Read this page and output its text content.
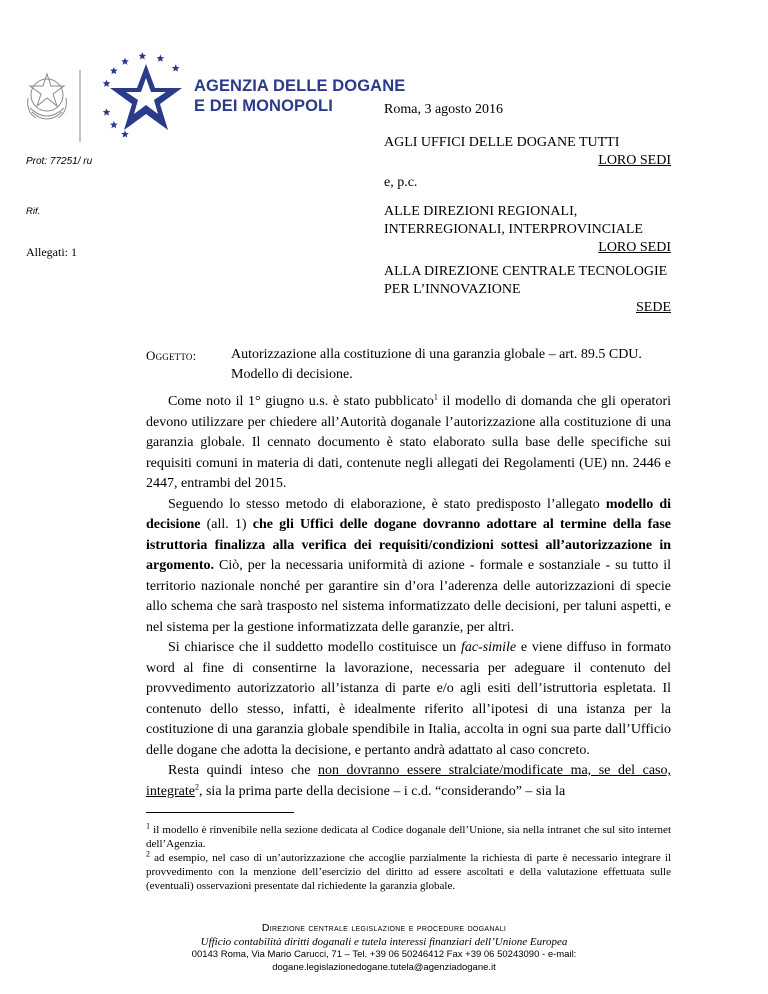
AGENZIA DELLE DOGANE
E DEI MONOPOLI	Roma, 3 agosto 2016
AGLI UFFICI DELLE DOGANE TUTTI
LORO SEDI
e, p.c.
ALLE DIREZIONI REGIONALI,
INTERREGIONALI, INTERPROVINCIALE
LORO SEDI
ALLA DIREZIONE CENTRALE TECNOLOGIE
PER L’INNOVAZIONE
SEDE
Prot: 77251/ ru
Rif.
Allegati: 1
Oggetto: Autorizzazione alla costituzione di una garanzia globale – art. 89.5 CDU. Modello di decisione.

Come noto il 1° giugno u.s. è stato pubblicato$^1$ il modello di domanda che gli operatori devono utilizzare per chiedere all’Autorità doganale l’autorizzazione alla costituzione di una garanzia globale. Il cennato documento è stato elaborato sulla base delle specifiche sui requisiti comuni in materia di dati, contenute negli allegati dei Regolamenti (UE) nn. 2446 e 2447, entrambi del 2015.

Seguendo lo stesso metodo di elaborazione, è stato predisposto l’allegato modello di decisione (all. 1) che gli Uffici delle dogane dovranno adottare al termine della fase istruttoria finalizza alla verifica dei requisiti/condizioni sottesi all’autorizzazione in argomento. Ciò, per la necessaria uniformità di azione - formale e sostanziale - su tutto il territorio nazionale nonché per garantire sin d’ora l’aderenza delle autorizzazioni di specie allo schema che sarà trasposto nel sistema informatizzato delle decisioni, per taluni aspetti, e nel sistema per la gestione informatizzata delle garanzie, per altri.

Si chiarisce che il suddetto modello costituisce un fac-simile e viene diffuso in formato word al fine di consentirne la lavorazione, necessaria per adeguare il contenuto del provvedimento autorizzatorio all’istanza di parte e/o agli esiti dell’istruttoria espletata. Il contenuto dello stesso, infatti, è idealmente riferito all’ipotesi di una istanza per la costituzione di una garanzia globale spendibile in Italia, accolta in ogni sua parte dall’Ufficio delle dogane che adotta la decisione, e pertanto andrà adattato al caso concreto.

Resta quindi inteso che non dovranno essere stralciate/modificate ma, se del caso, integrate$^2$, sia la prima parte della decisione – i c.d. “considerando” – sia la

$^1$ il modello è rinvenibile nella sezione dedicata al Codice doganale dell’Unione, sia nella intranet che sul sito internet dell’Agenzia.

$^2$ ad esempio, nel caso di un’autorizzazione che accoglie parzialmente la richiesta di parte è necessario integrare il provvedimento con la menzione dell’esercizio del diritto ad essere ascoltati e della valutazione effettuata sulle (eventuali) osservazioni presentate dal richiedente la garanzia globale.

Direzione centrale legislazione e procedure doganali
Ufficio contabilità diritti doganali e tutela interessi finanziari dell’Unione Europea
00143 Roma, Via Mario Carucci, 71 – Tel. +39 06 50246412 Fax +39 06 50243090 - e-mail:
dogane.legislazionedogane.tutela@agenziadogane.it
